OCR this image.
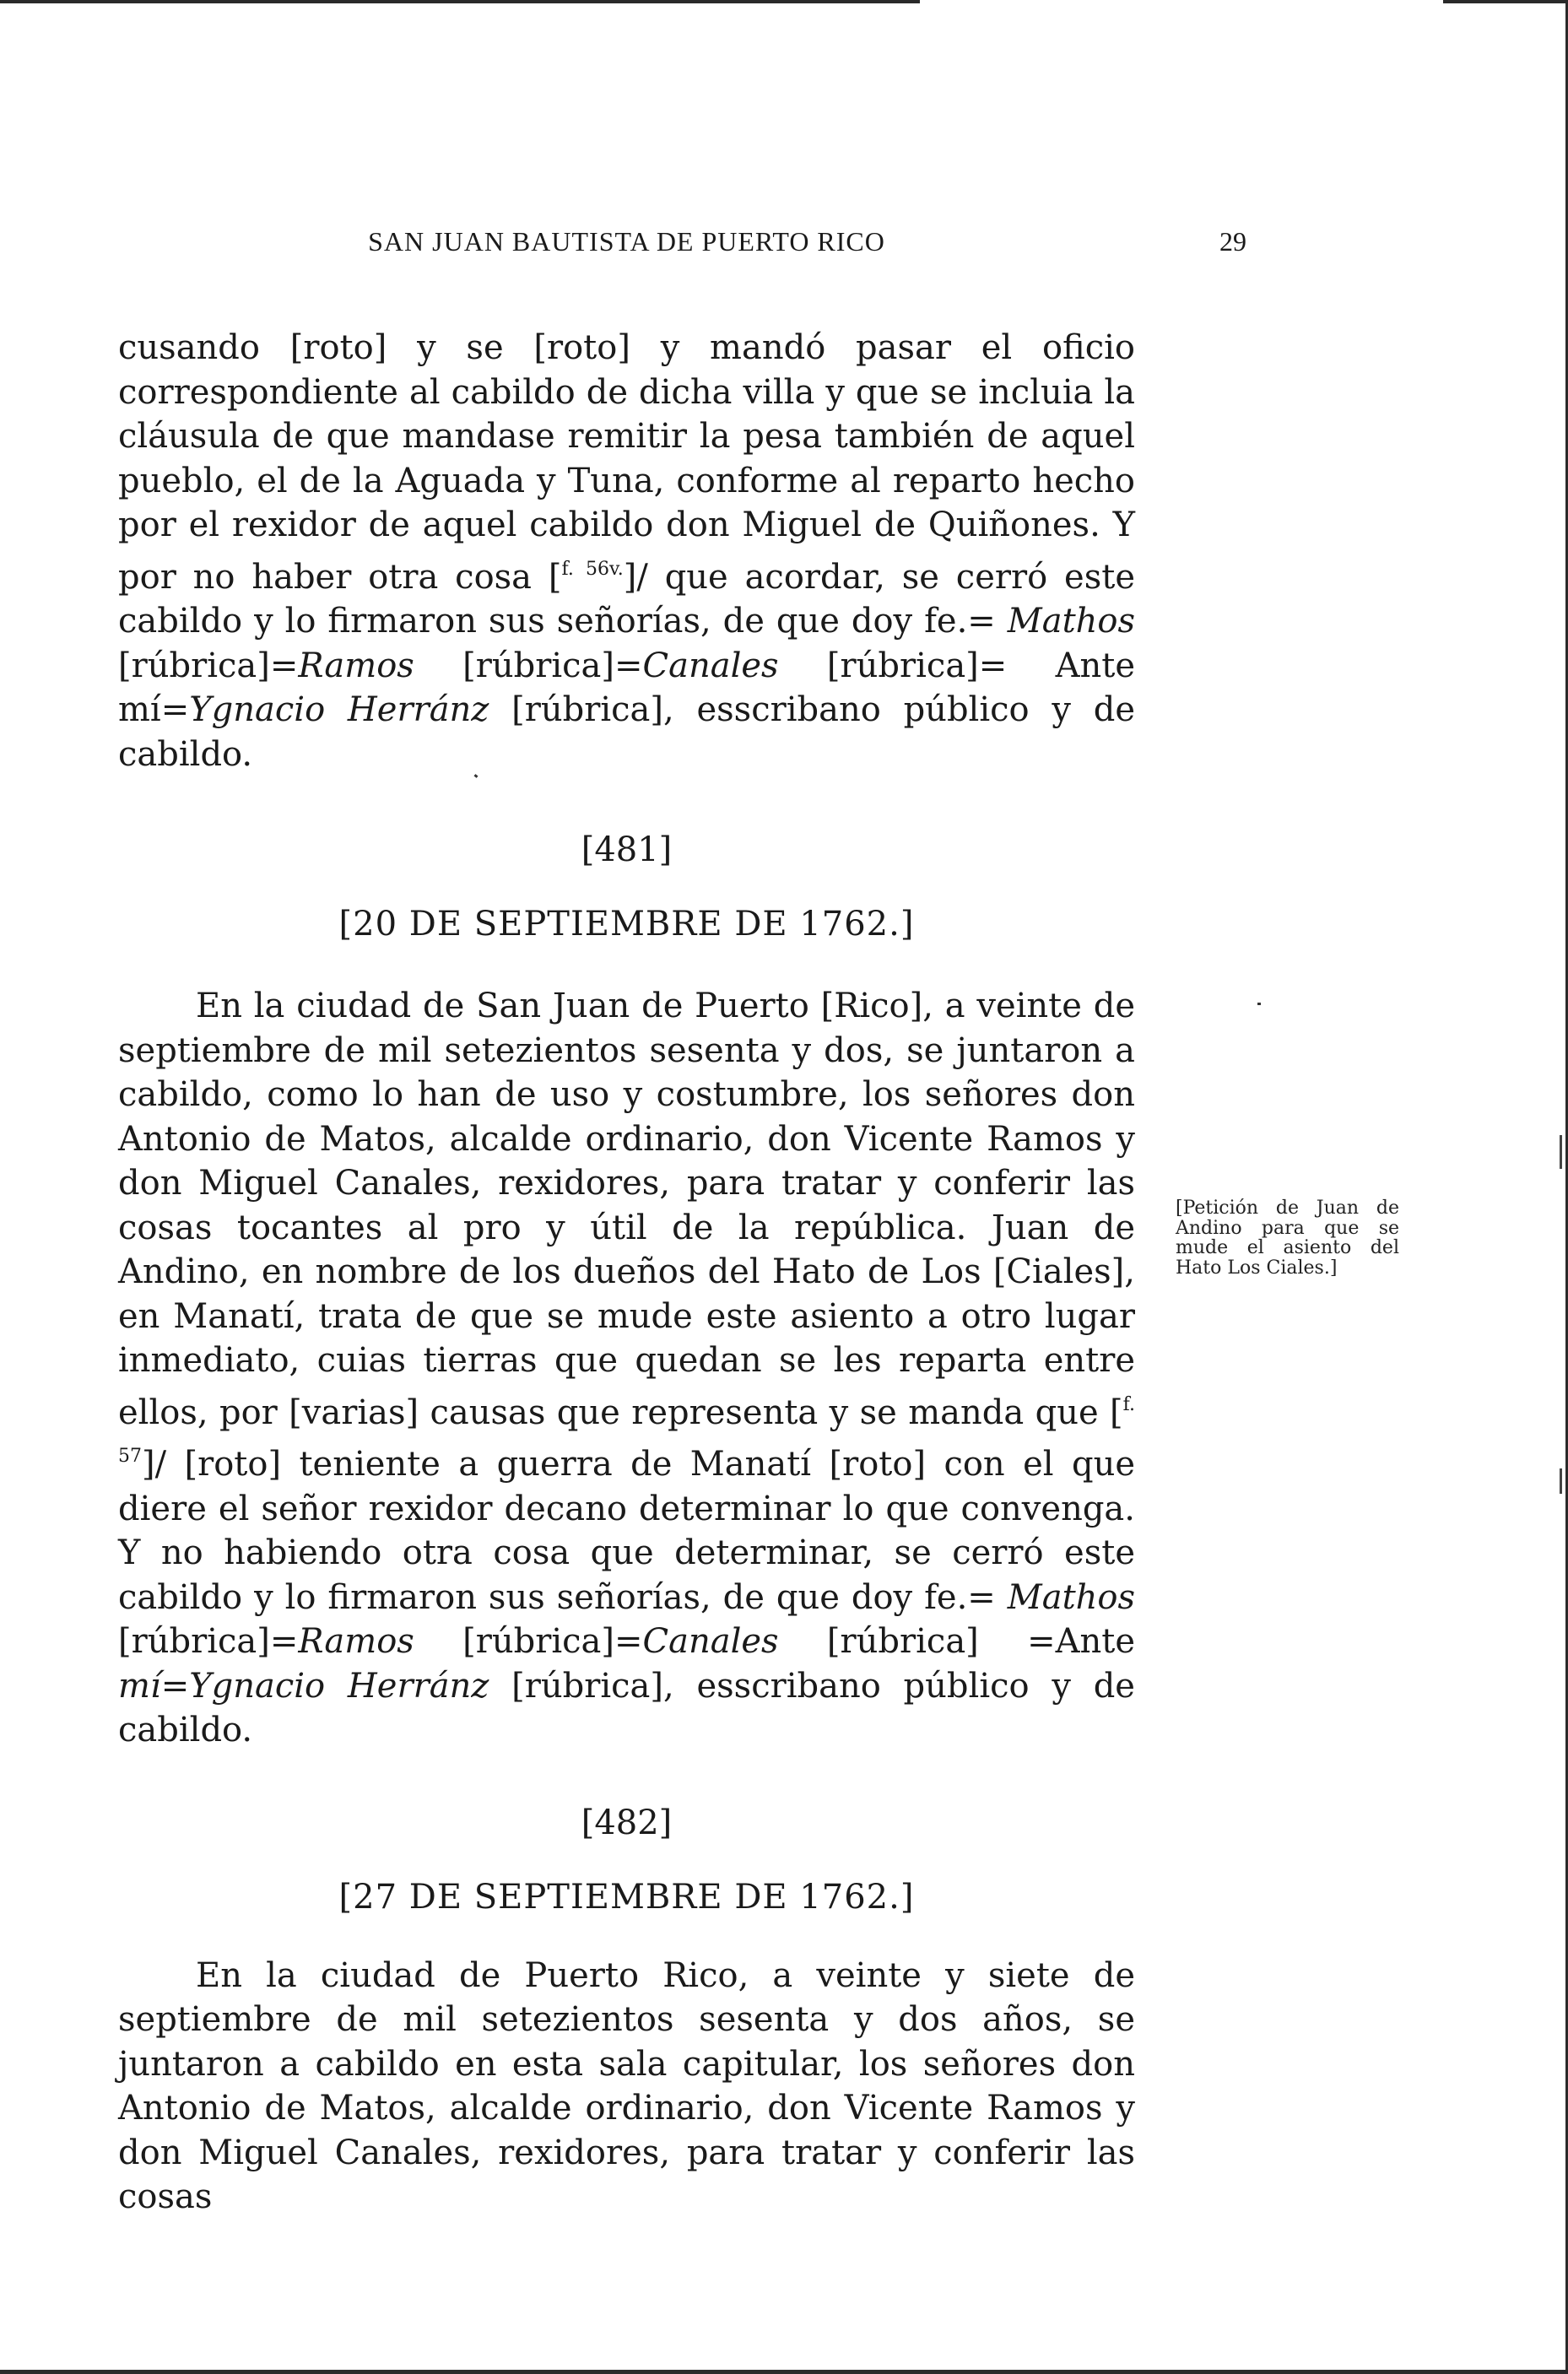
29
SAN JUAN BAUTISTA DE PUERTO RICO

cusando [roto] y se [roto] y mandó pasar el oficio correspondiente al cabildo de dicha villa y que se incluia la cláusula de que mandase remitir la pesa también de aquel pueblo, el de la Aguada y Tuna, conforme al reparto hecho por el rexidor de aquel cabildo don Miguel de Quiñones. Y por no haber otra cosa [$^{f. 56v.}$]/ que acordar, se cerró este cabildo y lo firmaron sus señorías, de que doy fe.= Mathos [rúbrica]=Ramos [rúbrica]=Canales [rúbrica]= Ante mí=Ygnacio Herránz [rúbrica], esscribano público y de cabildo.

[481]

[20 DE SEPTIEMBRE DE 1762.]

En la ciudad de San Juan de Puerto [Rico], a veinte de septiembre de mil setezientos sesenta y dos, se juntaron a cabildo, como lo han de uso y costumbre, los señores don Antonio de Matos, alcalde ordinario, don Vicente Ramos y don Miguel Canales, rexidores, para tratar y conferir las cosas tocantes al pro y útil de la república. Juan de Andino, en nombre de los dueños del Hato de Los [Ciales], en Manatí, trata de que se mude este asiento a otro lugar inmediato, cuias tierras que quedan se les reparta entre ellos, por [varias] causas que representa y se manda que [$^{f. 57}$]/ [roto] teniente a guerra de Manatí [roto] con el que diere el señor rexidor decano determinar lo que convenga. Y no habiendo otra cosa que determinar, se cerró este cabildo y lo firmaron sus señorías, de que doy fe.= Mathos [rúbrica]=Ramos [rúbrica]=Canales [rúbrica] =Ante mí=Ygnacio Herránz [rúbrica], esscribano público y de cabildo.

[482]

[27 DE SEPTIEMBRE DE 1762.]

En la ciudad de Puerto Rico, a veinte y siete de septiembre de mil setezientos sesenta y dos años, se juntaron a cabildo en esta sala capitular, los señores don Antonio de Matos, alcalde ordinario, don Vicente Ramos y don Miguel Canales, rexidores, para tratar y conferir las cosas

[Petición de Juan de Andino para que se mude el asiento del Hato Los Ciales.]
